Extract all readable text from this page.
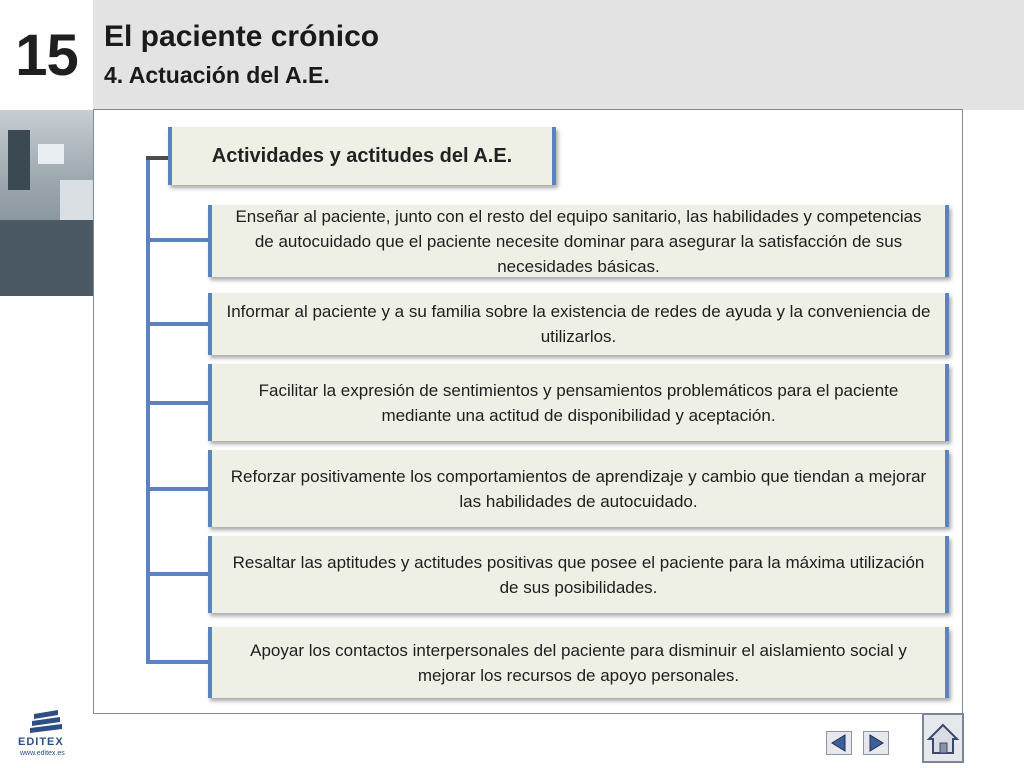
15 El paciente crónico
4. Actuación del A.E.
Actividades y actitudes del A.E.
Enseñar al paciente, junto con el resto del equipo sanitario, las habilidades y competencias de autocuidado que el paciente necesite dominar para asegurar la satisfacción de sus necesidades básicas.
Informar al paciente y a su familia sobre la existencia de redes de ayuda y la conveniencia de utilizarlos.
Facilitar la expresión de sentimientos y pensamientos problemáticos para el paciente mediante una actitud de disponibilidad y aceptación.
Reforzar positivamente los comportamientos de aprendizaje y cambio que tiendan a mejorar las habilidades de autocuidado.
Resaltar las aptitudes y actitudes positivas que posee el paciente para la máxima utilización de sus posibilidades.
Apoyar los contactos interpersonales del paciente para disminuir el aislamiento social y mejorar los recursos de apoyo personales.
EDITEX
www.editex.es
